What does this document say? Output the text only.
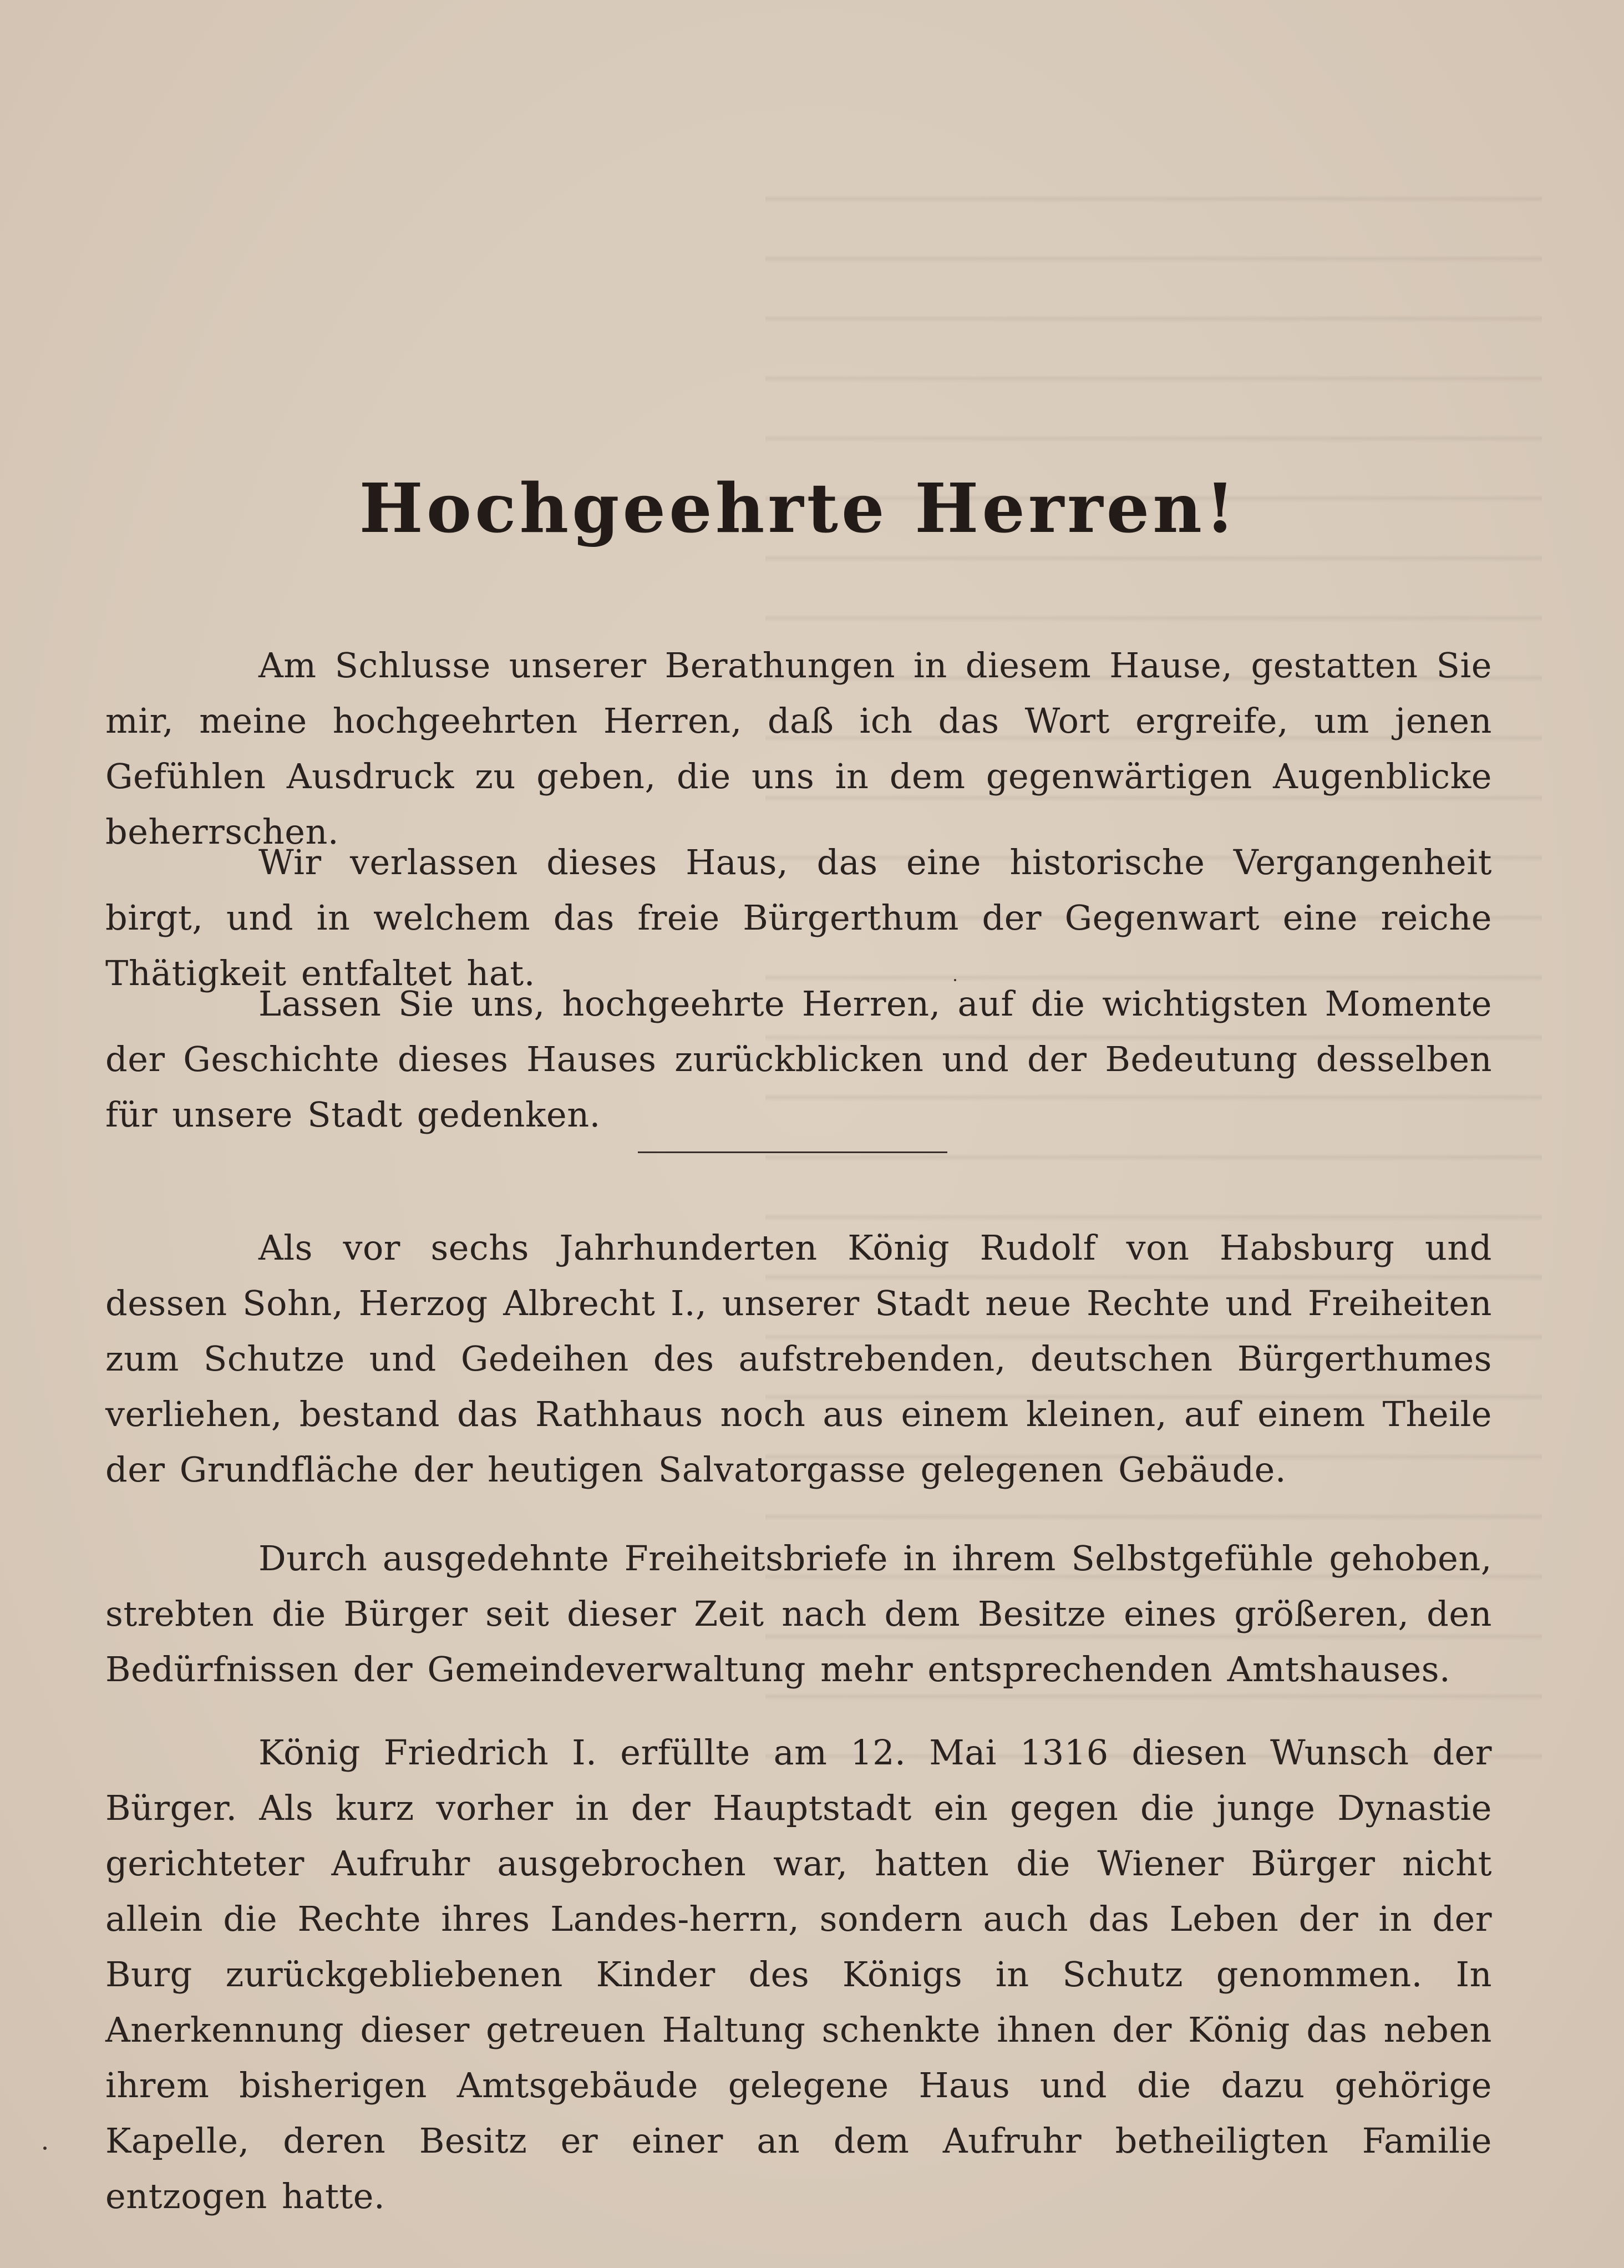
Hochgeehrte Herren!

Am Schlusse unserer Berathungen in diesem Hause, gestatten Sie mir, meine hochgeehrten Herren, daß ich das Wort ergreife, um jenen Gefühlen Ausdruck zu geben, die uns in dem gegenwärtigen Augenblicke beherrschen.

Wir verlassen dieses Haus, das eine historische Vergangenheit birgt, und in welchem das freie Bürgerthum der Gegenwart eine reiche Thätigkeit entfaltet hat.

Lassen Sie uns, hochgeehrte Herren, auf die wichtigsten Momente der Geschichte dieses Hauses zurückblicken und der Bedeutung desselben für unsere Stadt gedenken.

Als vor sechs Jahrhunderten König Rudolf von Habsburg und dessen Sohn, Herzog Albrecht I., unserer Stadt neue Rechte und Freiheiten zum Schutze und Gedeihen des aufstrebenden, deutschen Bürgerthumes verliehen, bestand das Rathhaus noch aus einem kleinen, auf einem Theile der Grundfläche der heutigen Salvatorgasse gelegenen Gebäude.

Durch ausgedehnte Freiheitsbriefe in ihrem Selbstgefühle gehoben, strebten die Bürger seit dieser Zeit nach dem Besitze eines größeren, den Bedürfnissen der Gemeindeverwaltung mehr entsprechenden Amtshauses.

König Friedrich I. erfüllte am 12. Mai 1316 diesen Wunsch der Bürger. Als kurz vorher in der Hauptstadt ein gegen die junge Dynastie gerichteter Aufruhr ausgebrochen war, hatten die Wiener Bürger nicht allein die Rechte ihres Landes-herrn, sondern auch das Leben der in der Burg zurückgebliebenen Kinder des Königs in Schutz genommen. In Anerkennung dieser getreuen Haltung schenkte ihnen der König das neben ihrem bisherigen Amtsgebäude gelegene Haus und die dazu gehörige Kapelle, deren Besitz er einer an dem Aufruhr betheiligten Familie entzogen hatte.
